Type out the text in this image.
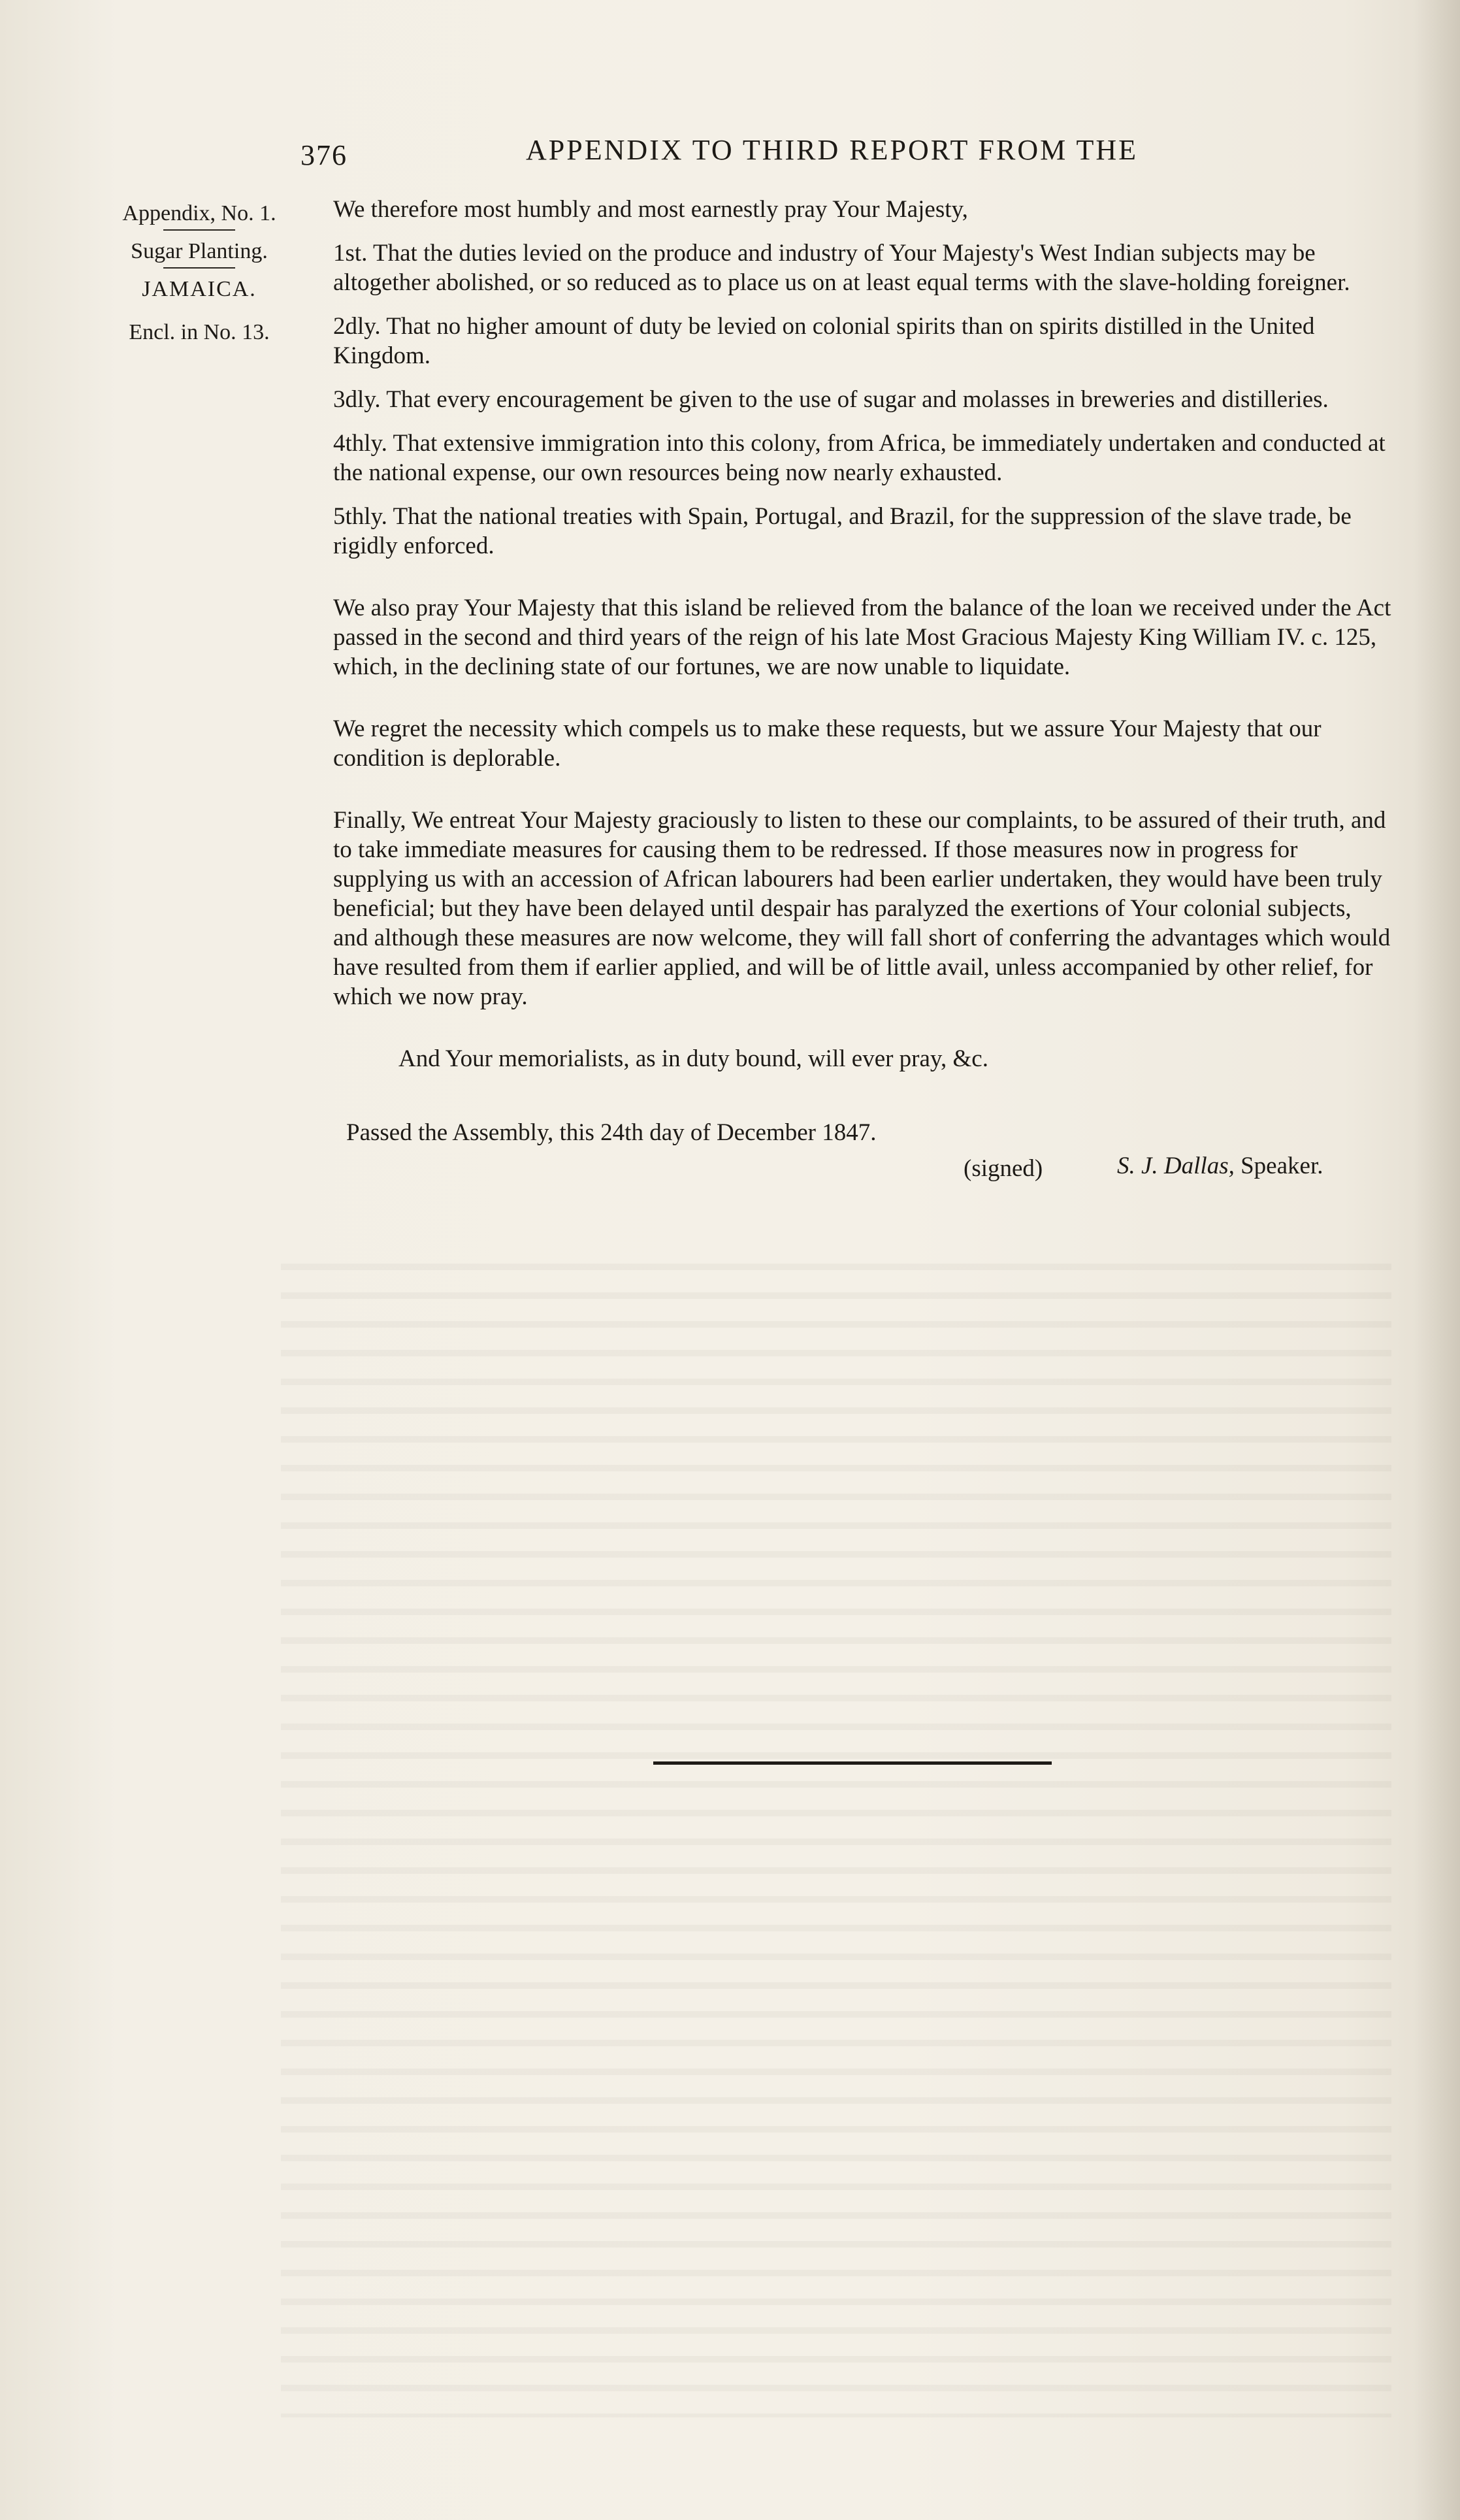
376	APPENDIX TO THIRD REPORT FROM THE

Appendix, No. 1.

Sugar Planting.

JAMAICA.

Encl. in No. 13.

We therefore most humbly and most earnestly pray Your Majesty,

1st. That the duties levied on the produce and industry of Your Majesty's West Indian subjects may be altogether abolished, or so reduced as to place us on at least equal terms with the slave-holding foreigner.

2dly. That no higher amount of duty be levied on colonial spirits than on spirits distilled in the United Kingdom.

3dly. That every encouragement be given to the use of sugar and molasses in breweries and distilleries.

4thly. That extensive immigration into this colony, from Africa, be immediately undertaken and conducted at the national expense, our own resources being now nearly exhausted.

5thly. That the national treaties with Spain, Portugal, and Brazil, for the suppression of the slave trade, be rigidly enforced.

We also pray Your Majesty that this island be relieved from the balance of the loan we received under the Act passed in the second and third years of the reign of his late Most Gracious Majesty King William IV. c. 125, which, in the declining state of our fortunes, we are now unable to liquidate.

We regret the necessity which compels us to make these requests, but we assure Your Majesty that our condition is deplorable.

Finally, We entreat Your Majesty graciously to listen to these our complaints, to be assured of their truth, and to take immediate measures for causing them to be redressed. If those measures now in progress for supplying us with an accession of African labourers had been earlier undertaken, they would have been truly beneficial; but they have been delayed until despair has paralyzed the exertions of Your colonial subjects, and although these measures are now welcome, they will fall short of conferring the advantages which would have resulted from them if earlier applied, and will be of little avail, unless accompanied by other relief, for which we now pray.

And Your memorialists, as in duty bound, will ever pray, &c.

Passed the Assembly, this 24th day of December 1847.

(signed)	S. J. Dallas, Speaker.
